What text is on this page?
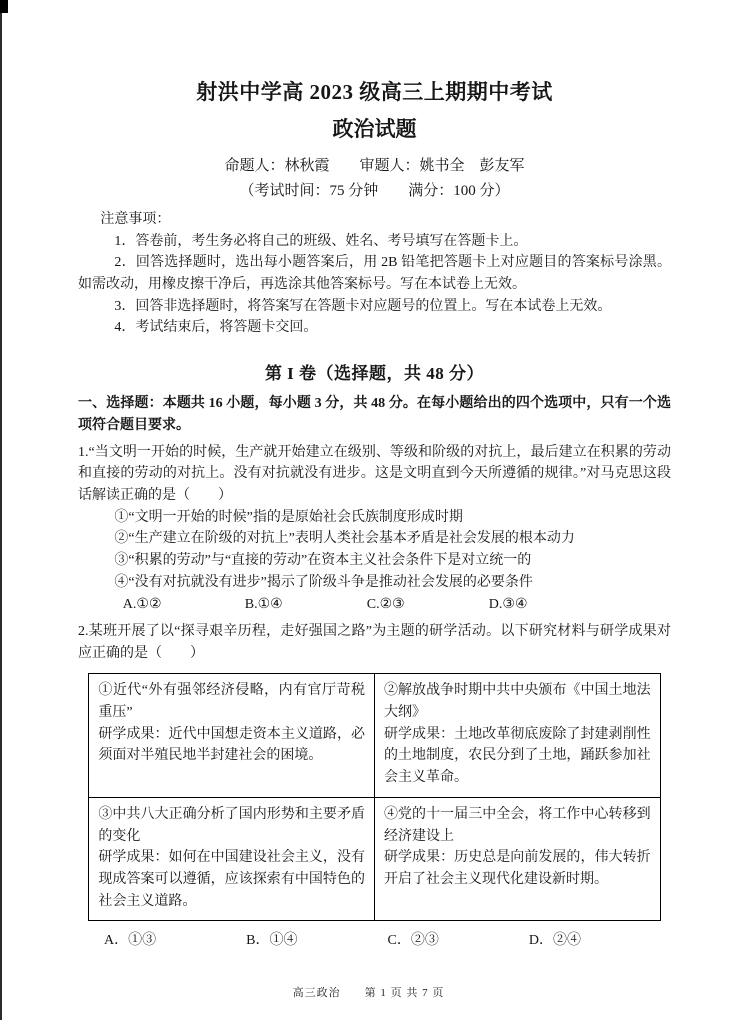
射洪中学高 2023 级高三上期期中考试
政治试题
命题人：林秋霞　　审题人：姚书全　彭友军
（考试时间：75 分钟　　满分：100 分）

注意事项：

1．答卷前，考生务必将自己的班级、姓名、考号填写在答题卡上。

2．回答选择题时，选出每小题答案后，用 2B 铅笔把答题卡上对应题目的答案标号涂黑。如需改动，用橡皮擦干净后，再选涂其他答案标号。写在本试卷上无效。

3．回答非选择题时，将答案写在答题卡对应题号的位置上。写在本试卷上无效。

4．考试结束后，将答题卡交回。

第 I 卷（选择题，共 48 分）

一、选择题：本题共 16 小题，每小题 3 分，共 48 分。在每小题给出的四个选项中，只有一个选项符合题目要求。

1.“当文明一开始的时候，生产就开始建立在级别、等级和阶级的对抗上，最后建立在积累的劳动和直接的劳动的对抗上。没有对抗就没有进步。这是文明直到今天所遵循的规律。”对马克思这段话解读正确的是（　　）

①“文明一开始的时候”指的是原始社会氏族制度形成时期

②“生产建立在阶级的对抗上”表明人类社会基本矛盾是社会发展的根本动力

③“积累的劳动”与“直接的劳动”在资本主义社会条件下是对立统一的

④“没有对抗就没有进步”揭示了阶级斗争是推动社会发展的必要条件

A.①②	B.①④	C.②③	D.③④

2.某班开展了以“探寻艰辛历程，走好强国之路”为主题的研学活动。以下研究材料与研学成果对应正确的是（　　）

①近代“外有强邻经济侵略，内有官厅苛税重压”

研学成果：近代中国想走资本主义道路，必须面对半殖民地半封建社会的困境。

②解放战争时期中共中央颁布《中国土地法大纲》

研学成果：土地改革彻底废除了封建剥削性的土地制度，农民分到了土地，踊跃参加社会主义革命。

③中共八大正确分析了国内形势和主要矛盾的变化

研学成果：如何在中国建设社会主义，没有现成答案可以遵循，应该探索有中国特色的社会主义道路。

④党的十一届三中全会，将工作中心转移到经济建设上

研学成果：历史总是向前发展的，伟大转折开启了社会主义现代化建设新时期。

A．①③	B．①④	C．②③	D．②④
高三政治　　第 1 页 共 7 页
